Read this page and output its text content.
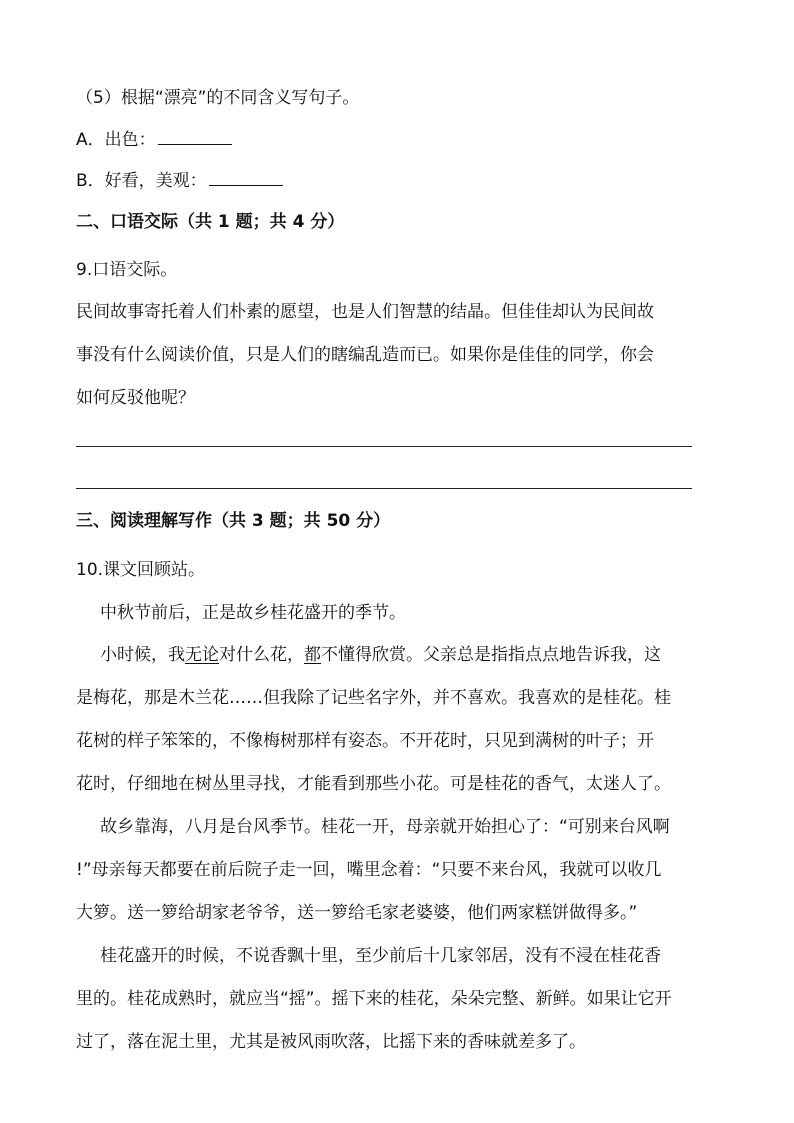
（5）根据“漂亮”的不同含义写句子。
A．出色：
B．好看，美观：
二、口语交际（共 1 题；共 4 分）
9.口语交际。
民间故事寄托着人们朴素的愿望，也是人们智慧的结晶。但佳佳却认为民间故
事没有什么阅读价值，只是人们的瞎编乱造而已。如果你是佳佳的同学，你会
如何反驳他呢？
三、阅读理解写作（共 3 题；共 50 分）
10.课文回顾站。
中秋节前后，正是故乡桂花盛开的季节。
小时候，我无论对什么花，都不懂得欣赏。父亲总是指指点点地告诉我，这
是梅花，那是木兰花……但我除了记些名字外，并不喜欢。我喜欢的是桂花。桂
花树的样子笨笨的，不像梅树那样有姿态。不开花时，只见到满树的叶子；开
花时，仔细地在树丛里寻找，才能看到那些小花。可是桂花的香气，太迷人了。
故乡靠海，八月是台风季节。桂花一开，母亲就开始担心了：“可别来台风啊
!”母亲每天都要在前后院子走一回，嘴里念着：“只要不来台风，我就可以收几
大箩。送一箩给胡家老爷爷，送一箩给毛家老婆婆，他们两家糕饼做得多。”
桂花盛开的时候，不说香飘十里，至少前后十几家邻居，没有不浸在桂花香
里的。桂花成熟时，就应当“摇”。摇下来的桂花，朵朵完整、新鲜。如果让它开
过了，落在泥土里，尤其是被风雨吹落，比摇下来的香味就差多了。
